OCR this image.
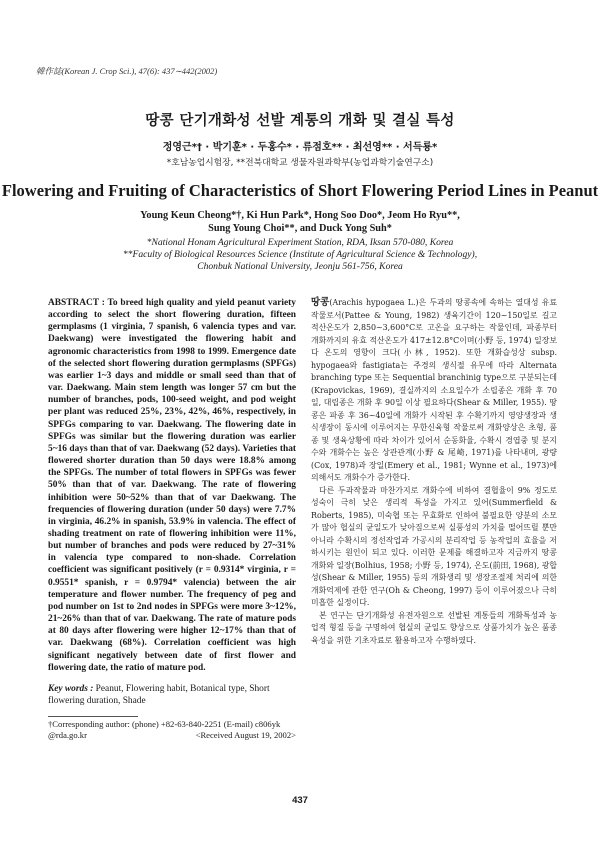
韓作誌(Korean J. Crop Sci.), 47(6): 437∼442(2002)
땅콩 단기개화성 선발 계통의 개화 및 결실 특성
정영근*† · 박기훈* · 두홍수* · 류점호** · 최선영** · 서득룡*
*호남농업시험장, **전북대학교 생물자원과학부(농업과학기술연구소)
Flowering and Fruiting of Characteristics of Short Flowering Period Lines in Peanut
Young Keun Cheong*†, Ki Hun Park*, Hong Soo Doo*, Jeom Ho Ryu**,
Sung Young Choi**, and Duck Yong Suh*
*National Honam Agricultural Experiment Station, RDA, Iksan 570-080, Korea
**Faculty of Biological Resources Science (Institute of Agricultural Science & Technology),
Chonbuk National University, Jeonju 561-756, Korea
ABSTRACT : To breed high quality and yield peanut variety according to select the short flowering duration, fifteen germplasms (1 virginia, 7 spanish, 6 valencia types and var. Daekwang) were investigated the flowering habit and agronomic characteristics from 1998 to 1999. Emergence date of the selected short flowering duration germplasms (SPFGs) was earlier 1~3 days and middle or small seed than that of var. Daekwang. Main stem length was longer 57 cm but the number of branches, pods, 100-seed weight, and pod weight per plant was reduced 25%, 23%, 42%, 46%, respectively, in SPFGs comparing to var. Daekwang. The flowering date in SPFGs was similar but the flowering duration was earlier 5~16 days than that of var. Daekwang (52 days). Varieties that flowered shorter duration than 50 days were 18.8% among the SPFGs. The number of total flowers in SPFGs was fewer 50% than that of var. Daekwang. The rate of flowering inhibition were 50~52% than that of var Daekwang. The frequencies of flowering duration (under 50 days) were 7.7% in virginia, 46.2% in spanish, 53.9% in valencia. The effect of shading treatment on rate of flowering inhibition were 11%, but number of branches and pods were reduced by 27~31% in valencia type compared to non-shade. Correlation coefficient was significant positively (r = 0.9314* virginia, r = 0.9551* spanish, r = 0.9794* valencia) between the air temperature and flower number. The frequency of peg and pod number on 1st to 2nd nodes in SPFGs were more 3~12%, 21~26% than that of var. Daekwang. The rate of mature pods at 80 days after flowering were higher 12~17% than that of var. Daekwang (68%). Correlation coefficient was high significant negatively between date of first flower and flowering date, the ratio of mature pod.
Key words : Peanut, Flowering habit, Botanical type, Short flowering duration, Shade
†Corresponding author: (phone) +82-63-840-2251 (E-mail) c806yk
@rda.go.kr	<Received August 19, 2002>

땅콩(Arachis hypogaea L.)은 두과의 땅콩속에 속하는 열대성 유료작물로서(Pattee & Young, 1982) 생육기간이 120~150일로 길고 적산온도가 2,850~3,600°C로 고온을 요구하는 작물인데, 파종부터 개화까지의 유효 적산온도가 417±12.8°C이며(小野 등, 1974) 일장보다 온도의 영향이 크다(小林, 1952). 또한 개화습성상 subsp. hypogaea와 fastigiata는 주경의 생식절 유무에 따라 Alternata branching type 또는 Sequential branchinig type으로 구분되는데(Krapovickas, 1969), 결실까지의 소요일수가 소립종은 개화 후 70일, 대립종은 개화 후 90일 이상 필요하다(Shear & Miller, 1955). 땅콩은 파종 후 36~40일에 개화가 시작된 후 수확기까지 영양생장과 생식생장이 동시에 이루어지는 무한신육형 작물로써 개화양상은 초형, 품종 및 생육상황에 따라 차이가 있어서 순동화율, 수확시 경엽중 및 분지수와 개화수는 높은 상관관계(小野 & 尾崎, 1971)를 나타내며, 광량(Cox, 1978)과 장일(Emery et al., 1981; Wynne et al., 1973)에 의해서도 개화수가 증가한다.

다른 두과작물과 마찬가지로 개화수에 비하여 결협율이 9% 정도로 성숙이 극히 낮은 생리적 특성을 가지고 있어(Summerfield & Roberts, 1985), 미숙협 또는 무효화로 인하여 불필요한 양분의 소모가 많아 협실의 균일도가 낮아짐으로써 실풍성의 가치를 떨어뜨릴 뿐만 아니라 수확시의 정선작업과 가공시의 분리작업 등 농작업의 효율을 저하시키는 원인이 되고 있다. 이러한 문제를 해결하고자 지금까지 땅콩 개화와 일장(Bolhius, 1958; 小野 등, 1974), 온도(前田, 1968), 광합성(Shear & Miller, 1955) 등의 개화생리 및 생장조절제 처리에 의한 개화억제에 관한 연구(Oh & Cheong, 1997) 등이 이루어졌으나 극히 미흡한 실정이다.

본 연구는 단기개화성 유전자원으로 선발된 계통들의 개화특성과 농업적 형질 등을 구명하여 협실의 균일도 향상으로 상품가치가 높은 품종육성을 위한 기초자료로 활용하고자 수행하였다.

437
